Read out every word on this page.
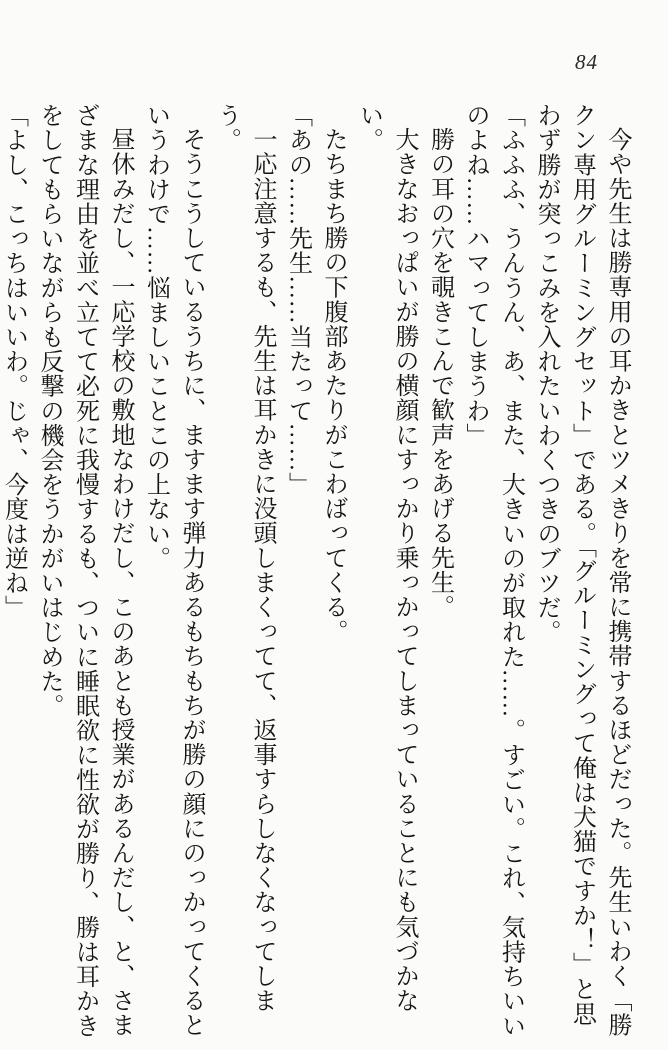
84

今や先生は勝専用の耳かきとツメきりを常に携帯するほどだった。先生いわく「勝クン専用グルーミングセット」である。「グルーミングって俺は犬猫ですか！」と思わず勝が突っこみを入れたいわくつきのブツだ。

「ふふふ、うんうん、あ、また、大きいのが取れた……。すごい。これ、気持ちいいのよね……ハマってしまうわ」

勝の耳の穴を覗きこんで歓声をあげる先生。

大きなおっぱいが勝の横顔にすっかり乗っかってしまっていることにも気づかない。

たちまち勝の下腹部あたりがこわばってくる。

「あの……先生……当たって……」

一応注意するも、先生は耳かきに没頭しまくってて、返事すらしなくなってしまう。

そうこうしているうちに、ますます弾力あるもちもちが勝の顔にのっかってくるというわけで……悩ましいことこの上ない。

昼休みだし、一応学校の敷地なわけだし、このあとも授業があるんだし、と、さまざまな理由を並べ立てて必死に我慢するも、ついに睡眠欲に性欲が勝り、勝は耳かきをしてもらいながらも反撃の機会をうかがいはじめた。

「よし、こっちはいいわ。じゃ、今度は逆ね」
